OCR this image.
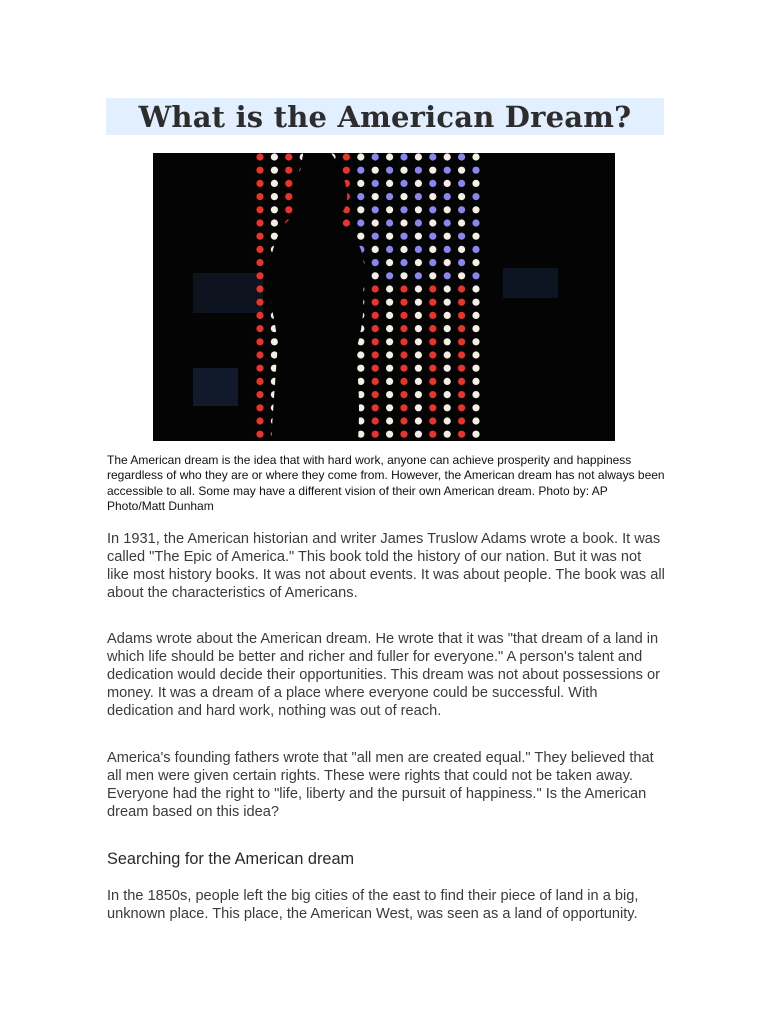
What is the American Dream?
The American dream is the idea that with hard work, anyone can achieve prosperity and happiness regardless of who they are or where they come from. However, the American dream has not always been accessible to all. Some may have a different vision of their own American dream. Photo by: AP Photo/Matt Dunham

In 1931, the American historian and writer James Truslow Adams wrote a book. It was called "The Epic of America." This book told the history of our nation. But it was not like most history books. It was not about events. It was about people. The book was all about the characteristics of Americans.

Adams wrote about the American dream. He wrote that it was "that dream of a land in which life should be better and richer and fuller for everyone." A person's talent and dedication would decide their opportunities. This dream was not about possessions or money. It was a dream of a place where everyone could be successful. With dedication and hard work, nothing was out of reach.

America's founding fathers wrote that "all men are created equal." They believed that all men were given certain rights. These were rights that could not be taken away. Everyone had the right to "life, liberty and the pursuit of happiness." Is the American dream based on this idea?

Searching for the American dream

In the 1850s, people left the big cities of the east to find their piece of land in a big, unknown place. This place, the American West, was seen as a land of opportunity.
